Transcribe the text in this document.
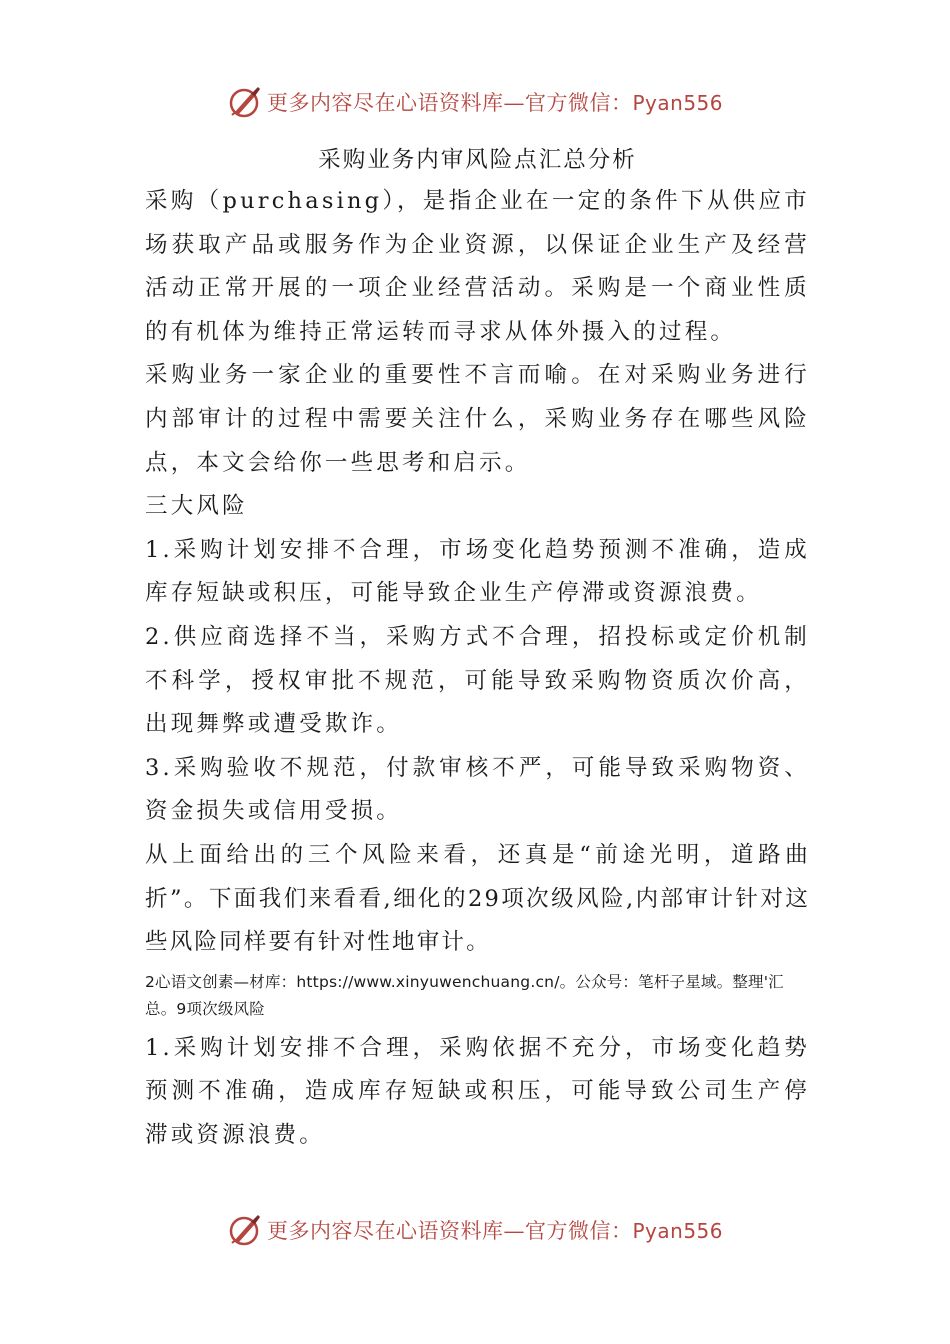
更多内容尽在心语资料库—官方微信：Pyan556

采购业务内审风险点汇总分析

采购（purchasing），是指企业在一定的条件下从供应市场获取产品或服务作为企业资源，以保证企业生产及经营活动正常开展的一项企业经营活动。采购是一个商业性质的有机体为维持正常运转而寻求从体外摄入的过程。

采购业务一家企业的重要性不言而喻。在对采购业务进行内部审计的过程中需要关注什么，采购业务存在哪些风险点，本文会给你一些思考和启示。

三大风险

1.采购计划安排不合理，市场变化趋势预测不准确，造成库存短缺或积压，可能导致企业生产停滞或资源浪费。

2.供应商选择不当，采购方式不合理，招投标或定价机制不科学，授权审批不规范，可能导致采购物资质次价高，出现舞弊或遭受欺诈。

3.采购验收不规范，付款审核不严，可能导致采购物资、资金损失或信用受损。

从上面给出的三个风险来看，还真是“前途光明，道路曲折”。下面我们来看看,细化的29项次级风险,内部审计针对这些风险同样要有针对性地审计。

2心语文创素—材库：https://www.xinyuwenchuang.cn/。公众号：笔杆子星域。整理'汇总。9项次级风险

1.采购计划安排不合理，采购依据不充分，市场变化趋势预测不准确，造成库存短缺或积压，可能导致公司生产停滞或资源浪费。

更多内容尽在心语资料库—官方微信：Pyan556
